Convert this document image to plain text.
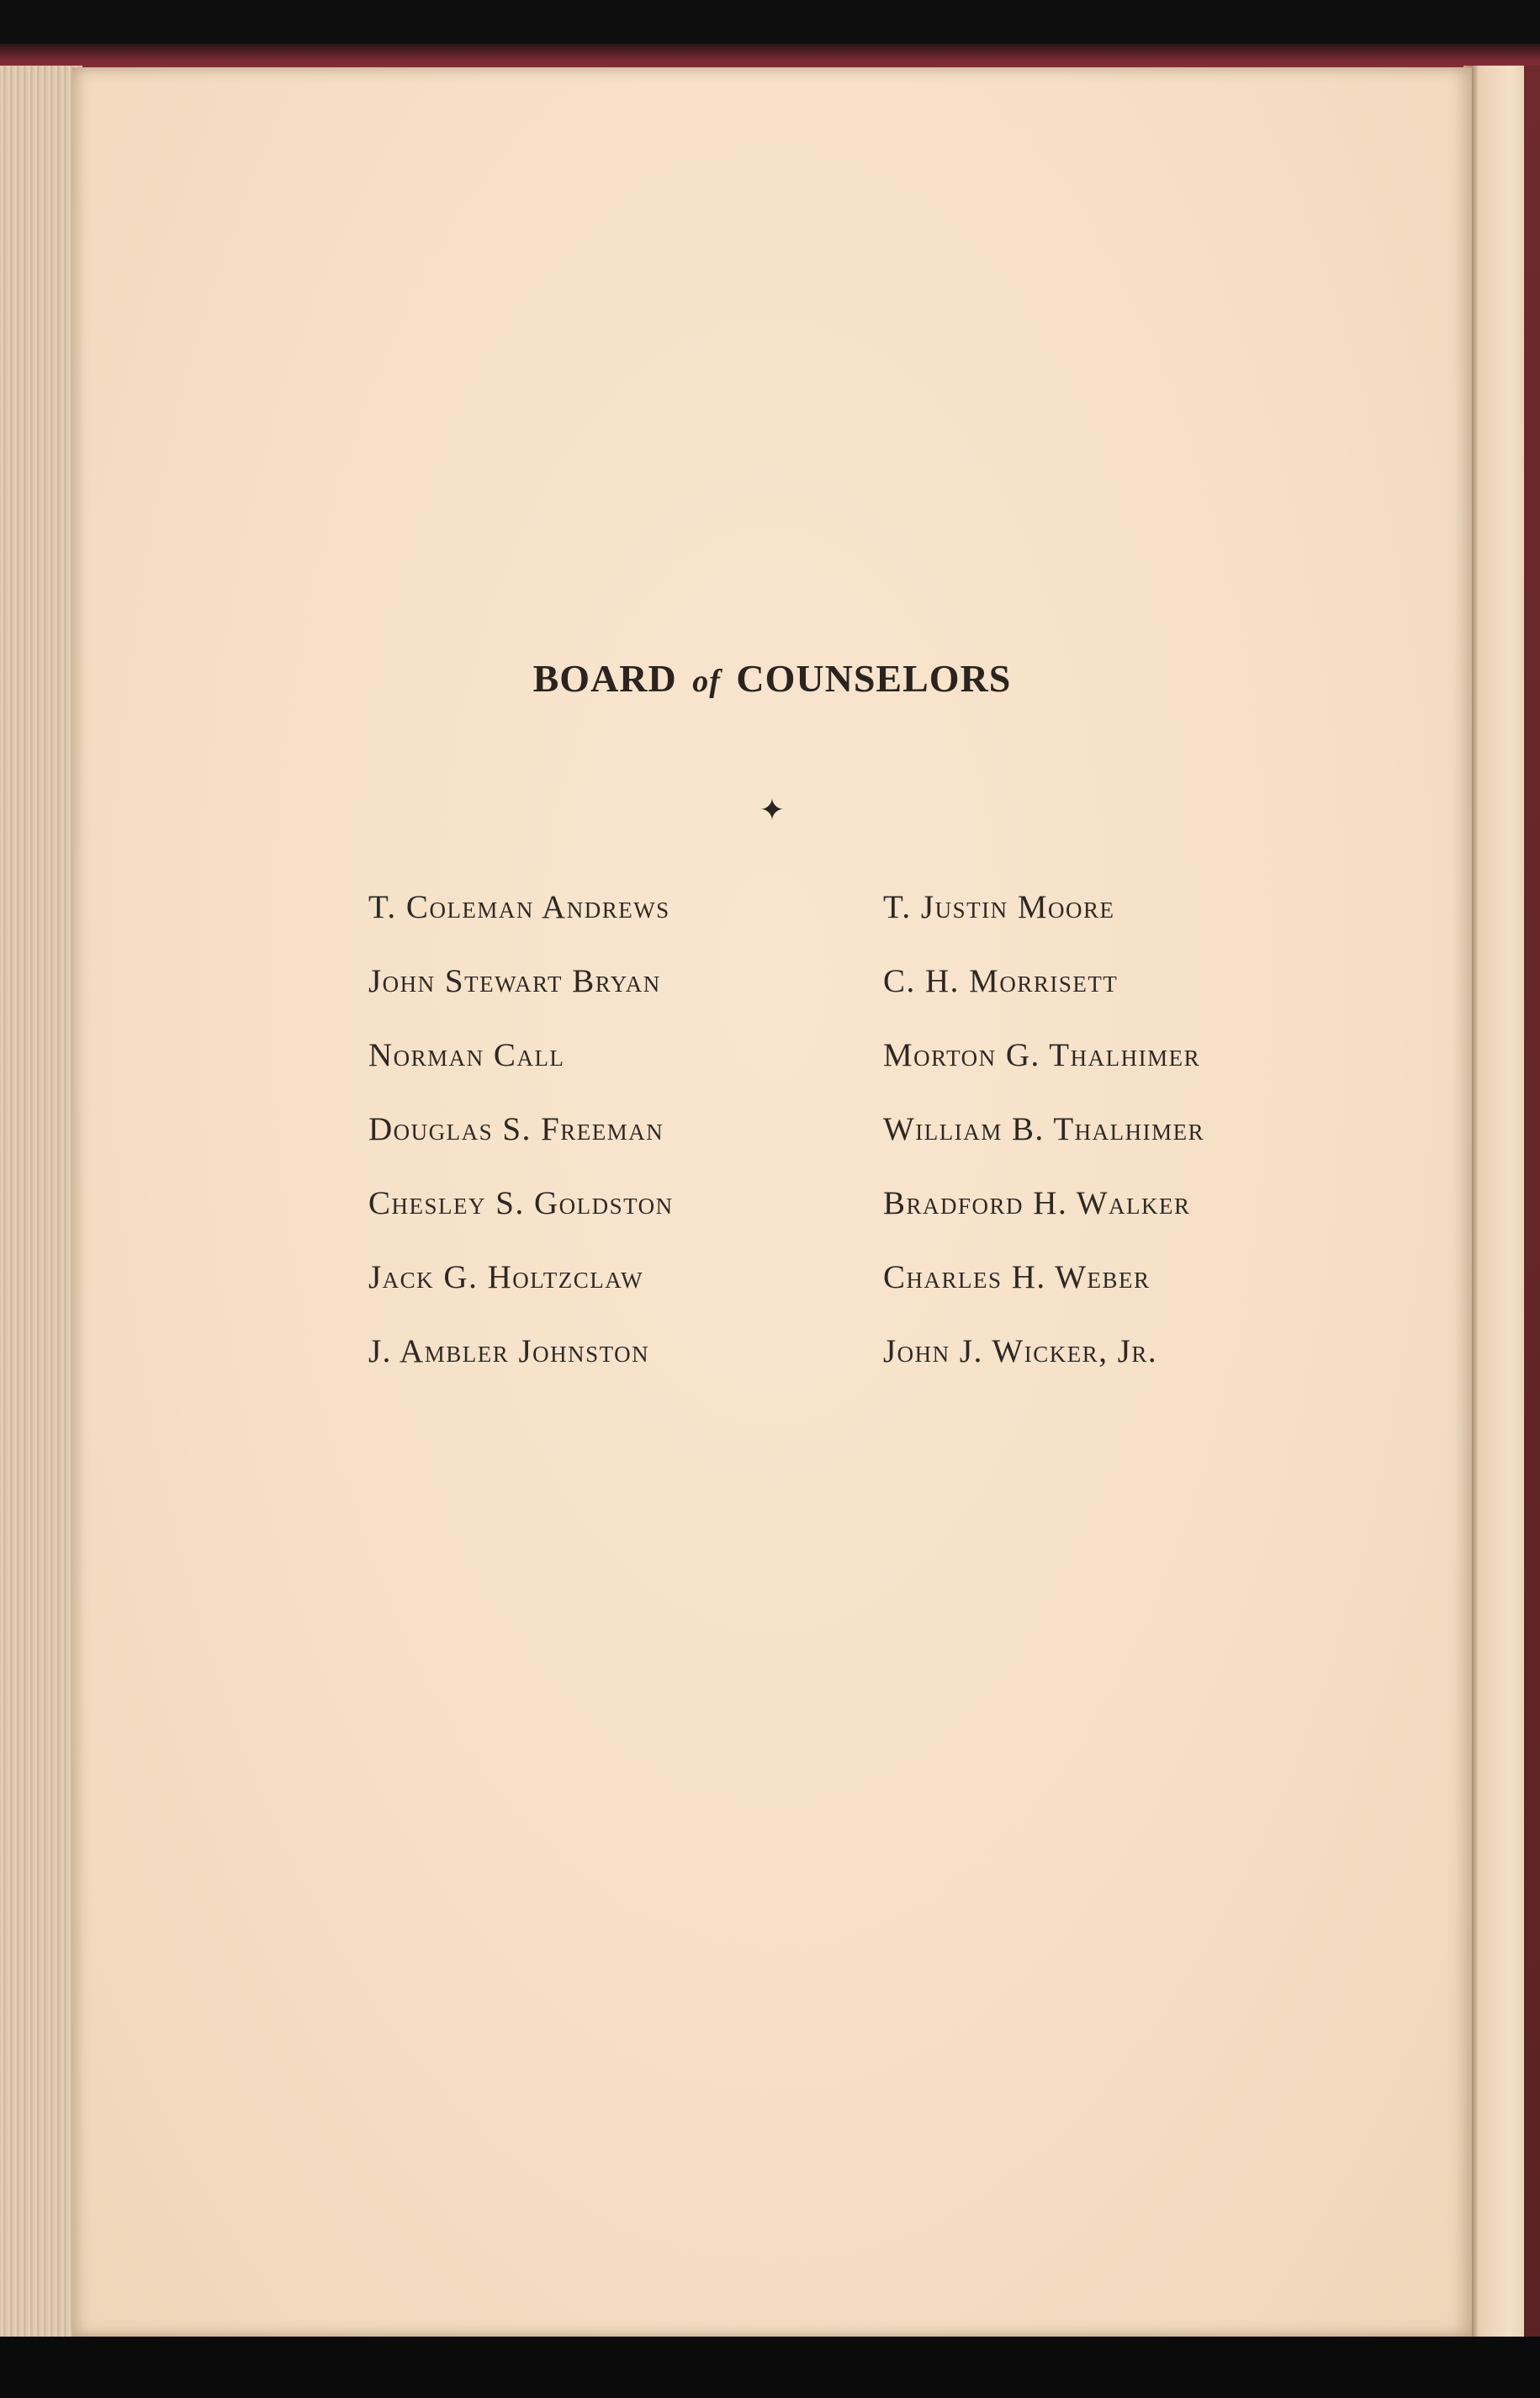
BOARD of COUNSELORS
✦
T. Coleman Andrews
John Stewart Bryan
Norman Call
Douglas S. Freeman
Chesley S. Goldston
Jack G. Holtzclaw
J. Ambler Johnston
T. Justin Moore
C. H. Morrisett
Morton G. Thalhimer
William B. Thalhimer
Bradford H. Walker
Charles H. Weber
John J. Wicker, Jr.
